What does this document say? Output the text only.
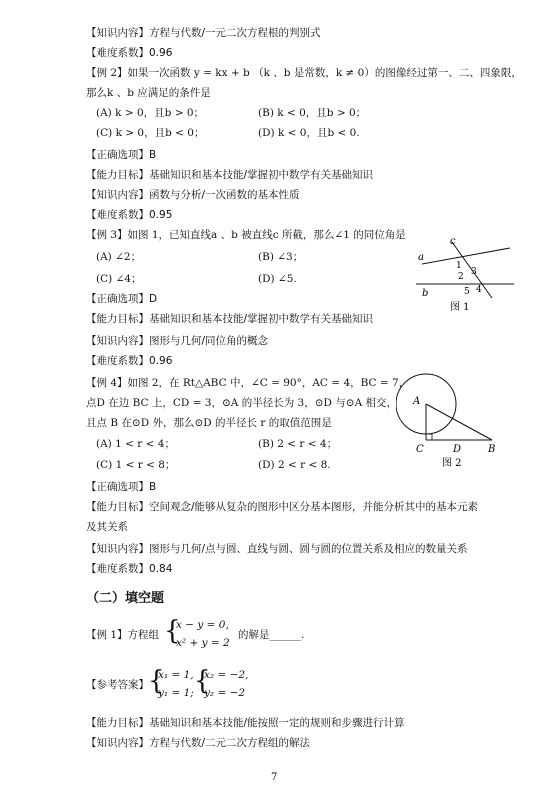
【知识内容】方程与代数/一元二次方程根的判别式
【难度系数】0.96
【例 2】如果一次函数 y = kx + b （k 、b 是常数，k ≠ 0）的图像经过第一、二、四象限，
那么k 、b 应满足的条件是
(A) k > 0，且b > 0；	(B) k < 0，且b > 0；
(C) k > 0，且b < 0；	(D) k < 0，且b < 0.
【正确选项】B
【能力目标】基础知识和基本技能/掌握初中数学有关基础知识
【知识内容】函数与分析/一次函数的基本性质
【难度系数】0.95
【例 3】如图 1，已知直线a 、b 被直线c 所截，那么∠1 的同位角是
(A) ∠2；	(B) ∠3；
(C) ∠4；	(D) ∠5.
【正确选项】D
【能力目标】基础知识和基本技能/掌握初中数学有关基础知识
【知识内容】图形与几何/同位角的概念
【难度系数】0.96
【例 4】如图 2，在 Rt△ABC 中，∠C = 90°，AC = 4，BC = 7，
点D 在边 BC 上，CD = 3，⊙A 的半径长为 3，⊙D 与⊙A 相交，
且点 B 在⊙D 外，那么⊙D 的半径长 r 的取值范围是
(A) 1 < r < 4；	(B) 2 < r < 4；
(C) 1 < r < 8；	(D) 2 < r < 8.
【正确选项】B
【能力目标】空间观念/能够从复杂的图形中区分基本图形，并能分析其中的基本元素
及其关系
【知识内容】图形与几何/点与圆、直线与圆、圆与圆的位置关系及相应的数量关系
【难度系数】0.84
（二）填空题
【例 1】方程组 {
x − y = 0,
x² + y = 2
的解是______.
【参考答案】 {
x₁ = 1,
y₁ = 1; {
x₂ = −2,
y₂ = −2
【能力目标】基础知识和基本技能/能按照一定的规则和步骤进行计算
【知识内容】方程与代数/二元二次方程组的解法
a
b
c
1
2 3
4
5
图 1
A
C	D	B
图 2
7
